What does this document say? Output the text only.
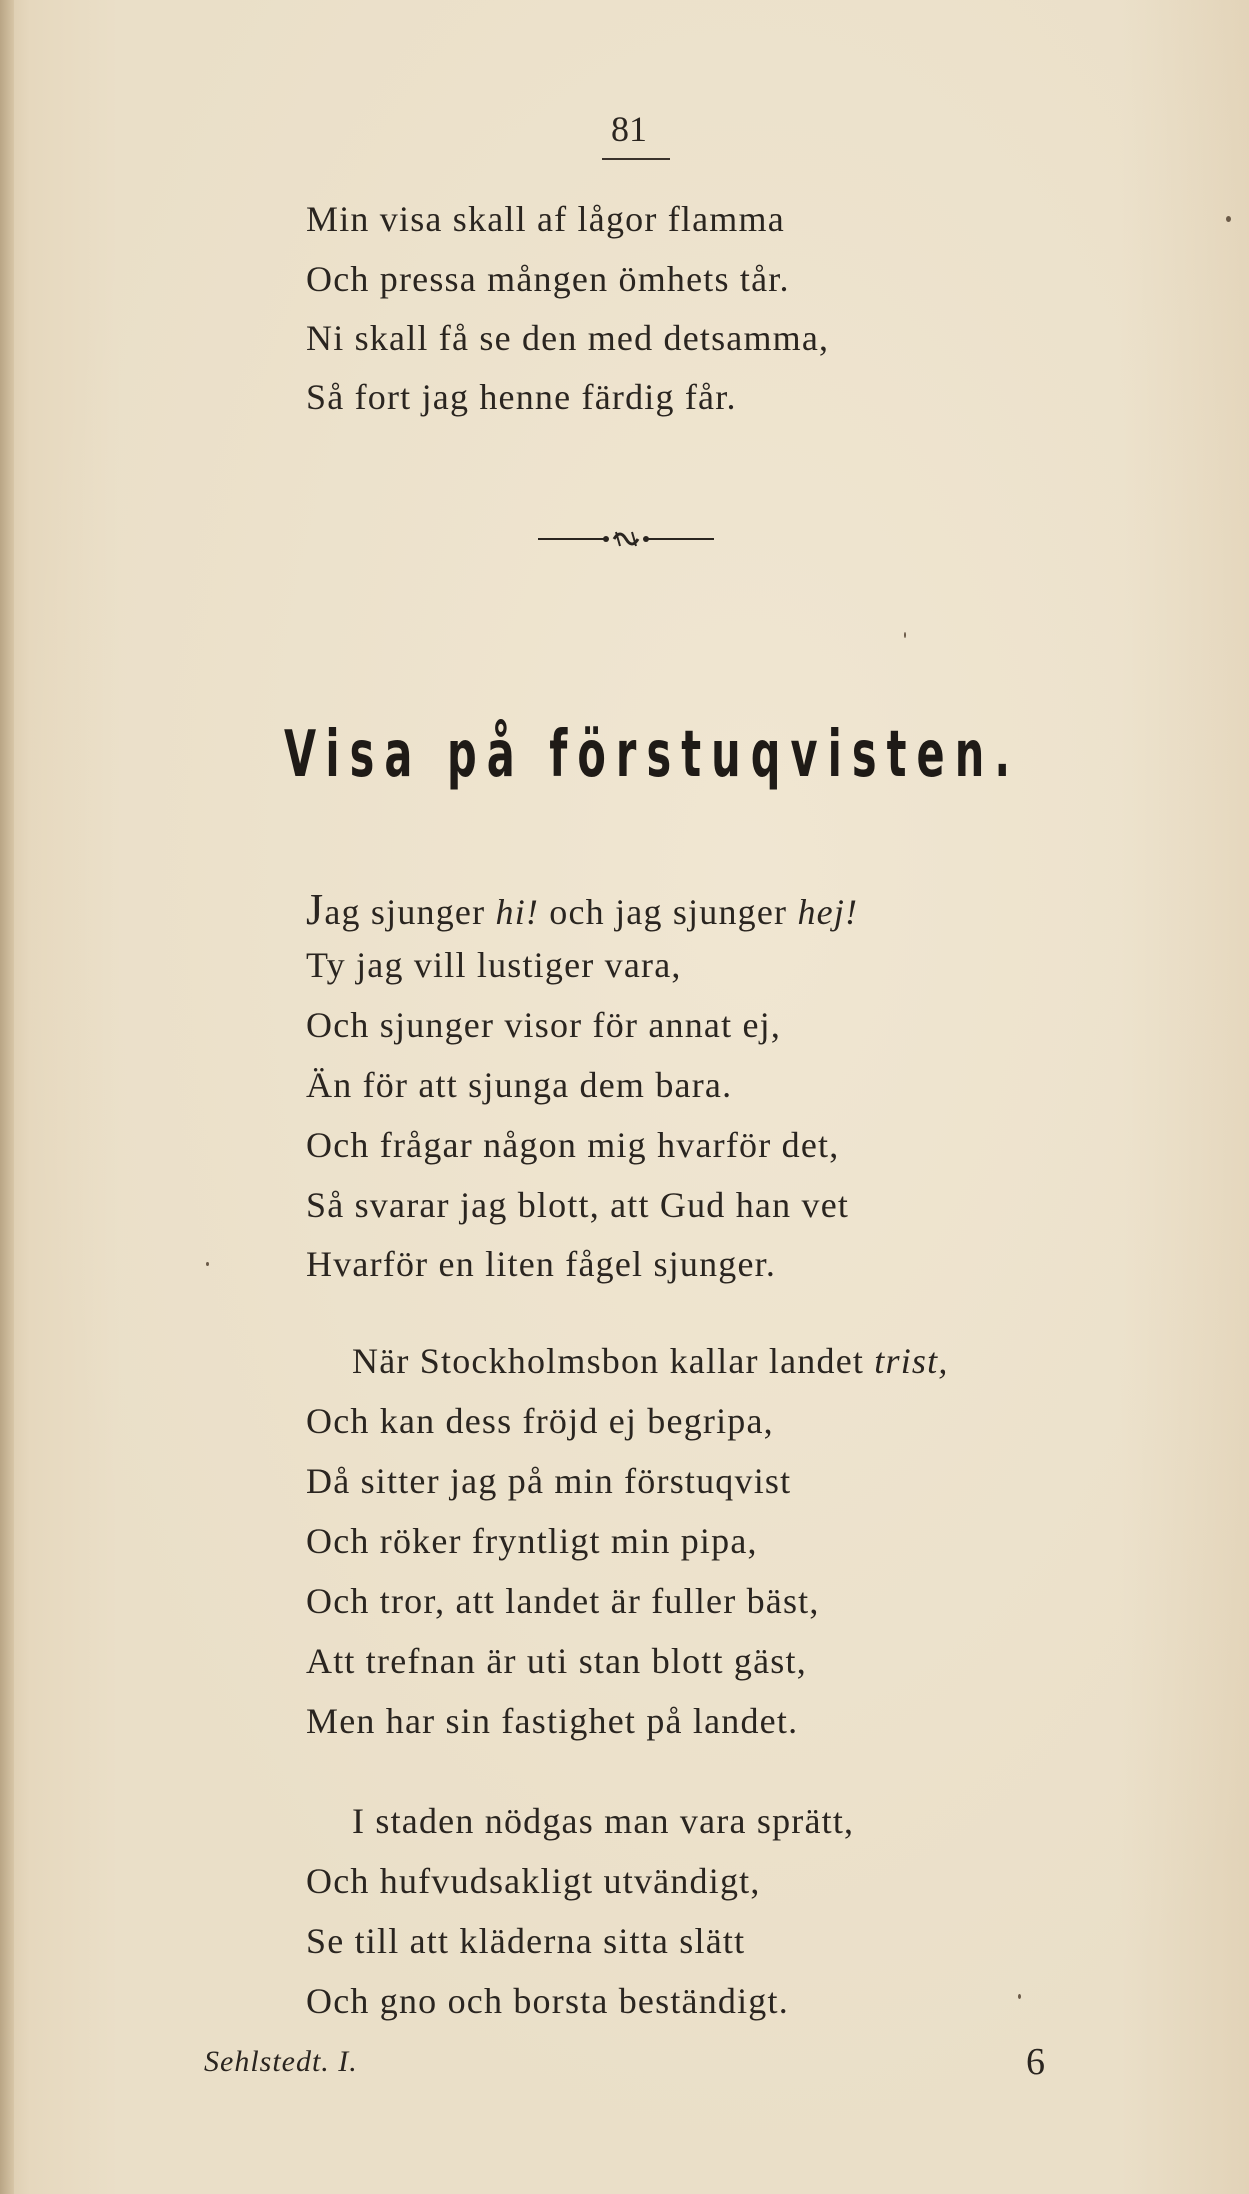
81
Min visa skall af lågor flamma
Och pressa mången ömhets tår.
Ni skall få se den med detsamma,
Så fort jag henne färdig får.
Visa på förstuqvisten.
Jag sjunger hi! och jag sjunger hej!
Ty jag vill lustiger vara,
Och sjunger visor för annat ej,
Än för att sjunga dem bara.
Och frågar någon mig hvarför det,
Så svarar jag blott, att Gud han vet
Hvarför en liten fågel sjunger.
När Stockholmsbon kallar landet trist,
Och kan dess fröjd ej begripa,
Då sitter jag på min förstuqvist
Och röker fryntligt min pipa,
Och tror, att landet är fuller bäst,
Att trefnan är uti stan blott gäst,
Men har sin fastighet på landet.
I staden nödgas man vara sprätt,
Och hufvudsakligt utvändigt,
Se till att kläderna sitta slätt
Och gno och borsta beständigt.
Sehlstedt. I.	6
